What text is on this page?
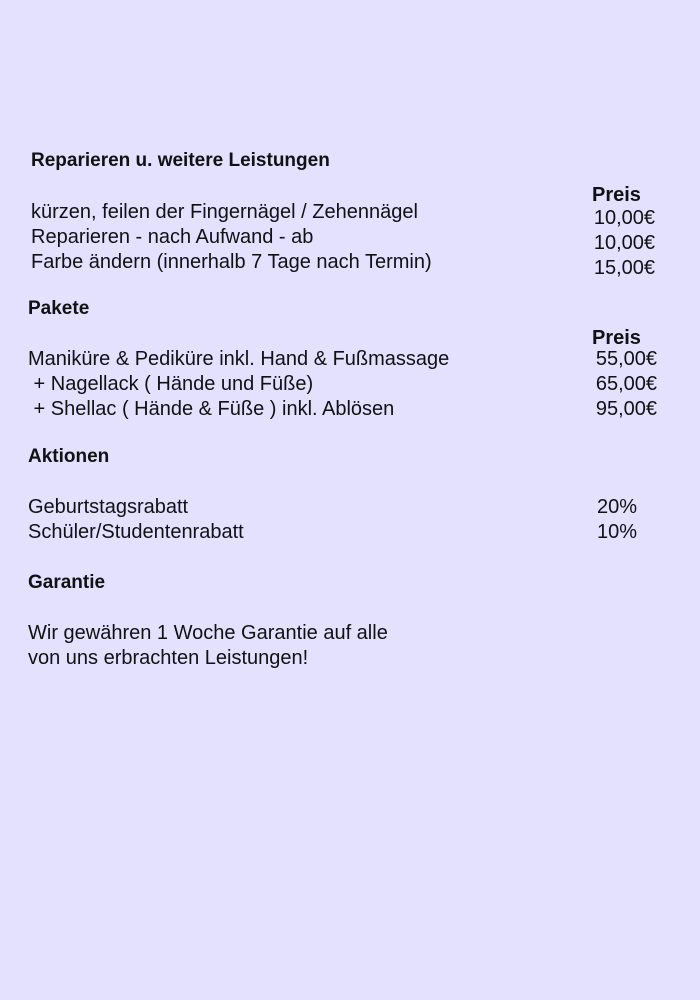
Reparieren u. weitere Leistungen
Preis
kürzen, feilen der Fingernägel / Zehennägel	10,00€
Reparieren - nach Aufwand - ab	10,00€
Farbe ändern (innerhalb 7 Tage nach Termin)	15,00€
Pakete
Preis
Maniküre & Pediküre inkl. Hand & Fußmassage	55,00€
+ Nagellack ( Hände und Füße)	65,00€
+ Shellac ( Hände & Füße ) inkl. Ablösen	95,00€
Aktionen
Geburtstagsrabatt	20%
Schüler/Studentenrabatt	10%
Garantie
Wir gewähren 1 Woche Garantie auf alle
von uns erbrachten Leistungen!
